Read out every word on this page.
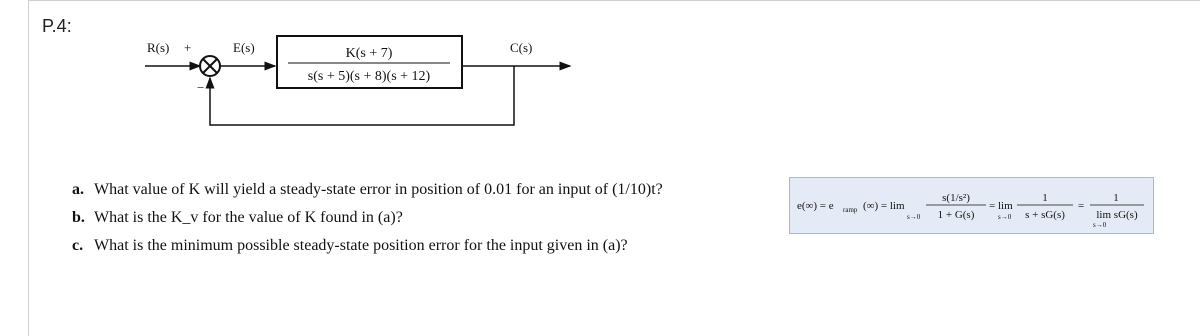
P.4:
R(s) +
−
E(s)	K(s + 7)
s(s + 5)(s + 8)(s + 12)
C(s)
a. What value of K will yield a steady-state error in position of 0.01 for an input of (1/10)t?
b. What is the K_v for the value of K found in (a)?
c. What is the minimum possible steady-state position error for the input given in (a)?
e(∞) = e ramp (∞) = lim
s→0
s(1/s²)
1 + G(s)
= lim
s→0
1
s + sG(s)
=
1
lim sG(s)
s→0
